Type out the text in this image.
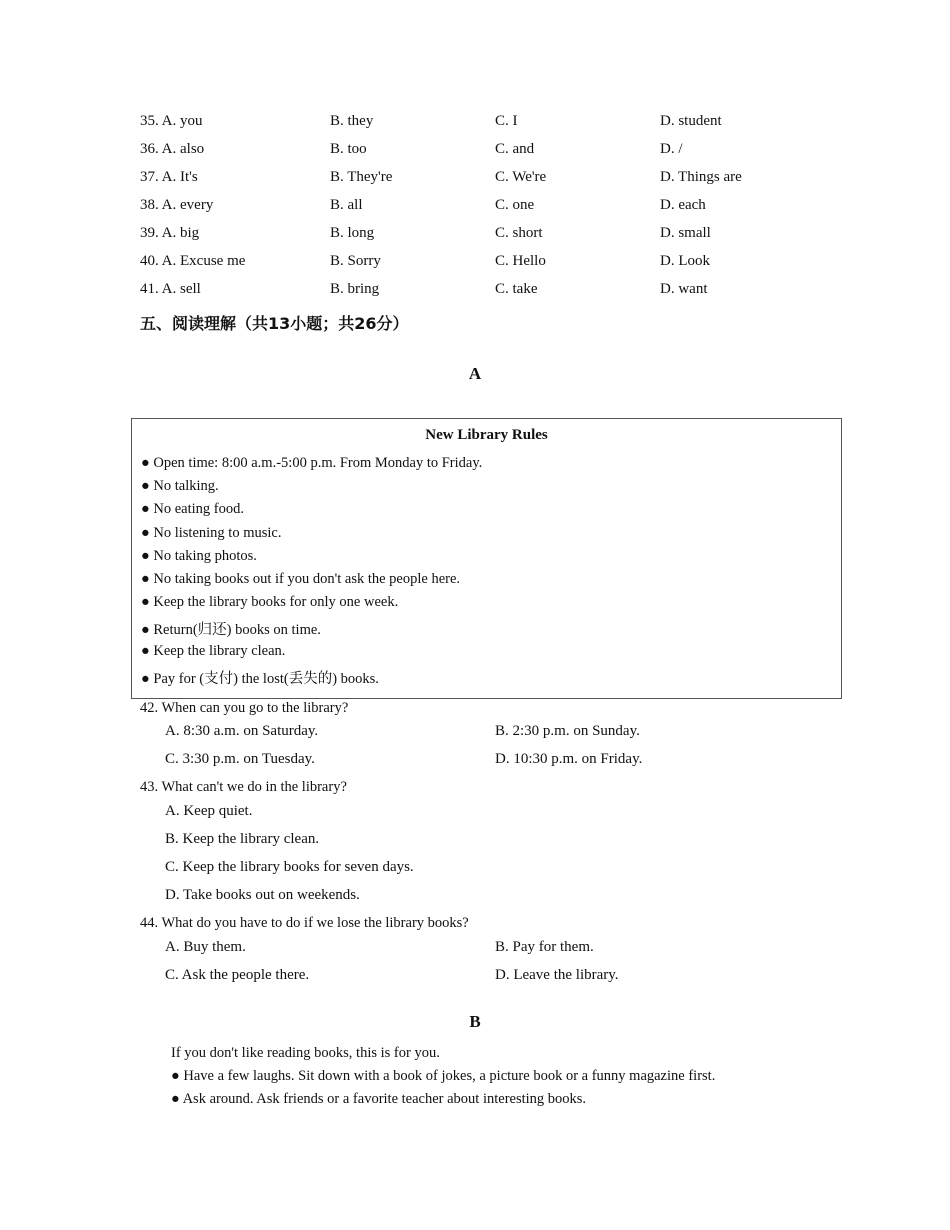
35. A. you	B. they	C. I	D. student
36. A. also	B. too	C. and	D. /
37. A. It's	B. They're	C. We're	D. Things are
38. A. every	B. all	C. one	D. each
39. A. big	B. long	C. short	D. small
40. A. Excuse me	B. Sorry	C. Hello	D. Look
41. A. sell	B. bring	C. take	D. want
五、阅读理解（共13小题；共26分）
A
New Library Rules
● Open time: 8:00 a.m.-5:00 p.m. From Monday to Friday.
● No talking.
● No eating food.
● No listening to music.
● No taking photos.
● No taking books out if you don't ask the people here.
● Keep the library books for only one week.
● Return(归还) books on time.
● Keep the library clean.
● Pay for (支付) the lost(丢失的) books.
42. When can you go to the library?
A. 8:30 a.m. on Saturday.	B. 2:30 p.m. on Sunday.
C. 3:30 p.m. on Tuesday.	D. 10:30 p.m. on Friday.
43. What can't we do in the library?
A. Keep quiet.
B. Keep the library clean.
C. Keep the library books for seven days.
D. Take books out on weekends.
44. What do you have to do if we lose the library books?
A. Buy them.	B. Pay for them.
C. Ask the people there.	D. Leave the library.
B
If you don't like reading books, this is for you.
● Have a few laughs. Sit down with a book of jokes, a picture book or a funny magazine first.
● Ask around. Ask friends or a favorite teacher about interesting books.
